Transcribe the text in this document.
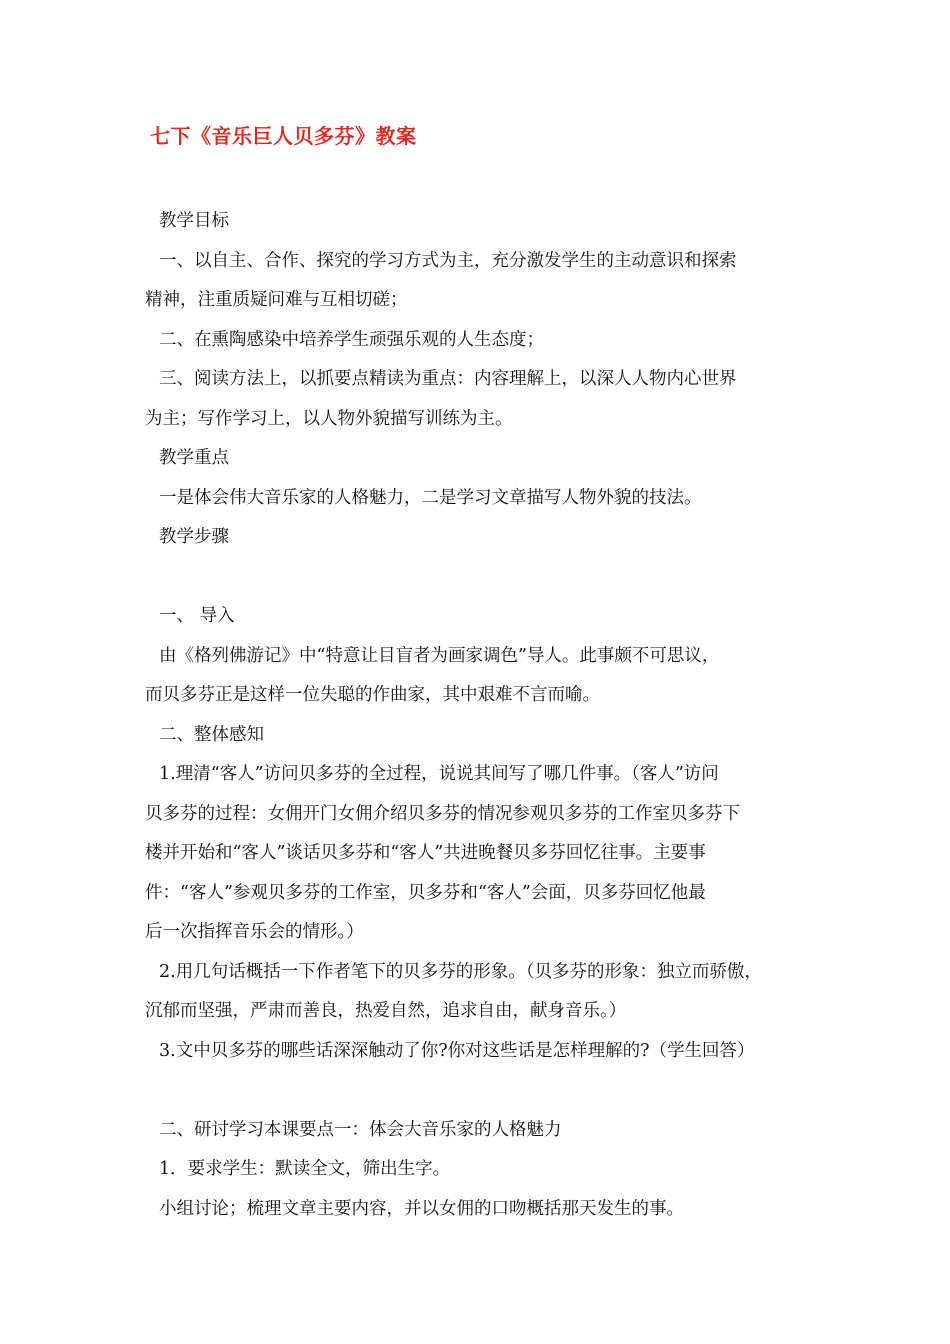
七下《音乐巨人贝多芬》教案

教学目标

一、以自主、合作、探究的学习方式为主，充分激发学生的主动意识和探索

精神，注重质疑问难与互相切磋；

二、在熏陶感染中培养学生顽强乐观的人生态度；

三、阅读方法上，以抓要点精读为重点：内容理解上，以深人人物内心世界

为主；写作学习上，以人物外貌描写训练为主。

教学重点

一是体会伟大音乐家的人格魅力，二是学习文章描写人物外貌的技法。

教学步骤

一、 导入

由《格列佛游记》中“特意让目盲者为画家调色”导人。此事颇不可思议，

而贝多芬正是这样一位失聪的作曲家，其中艰难不言而喻。

二、整体感知

1.理清“客人”访问贝多芬的全过程，说说其间写了哪几件事。（客人”访问

贝多芬的过程：女佣开门女佣介绍贝多芬的情况参观贝多芬的工作室贝多芬下

楼并开始和“客人”谈话贝多芬和“客人”共进晚餐贝多芬回忆往事。主要事

件：“客人”参观贝多芬的工作室，贝多芬和“客人”会面，贝多芬回忆他最

后一次指挥音乐会的情形。）

2.用几句话概括一下作者笔下的贝多芬的形象。（贝多芬的形象：独立而骄傲，

沉郁而坚强，严肃而善良，热爱自然，追求自由，献身音乐。）

3.文中贝多芬的哪些话深深触动了你?你对这些话是怎样理解的?（学生回答）

二、研讨学习本课要点一：体会大音乐家的人格魅力

1．要求学生：默读全文，筛出生字。

小组讨论；梳理文章主要内容，并以女佣的口吻概括那天发生的事。
